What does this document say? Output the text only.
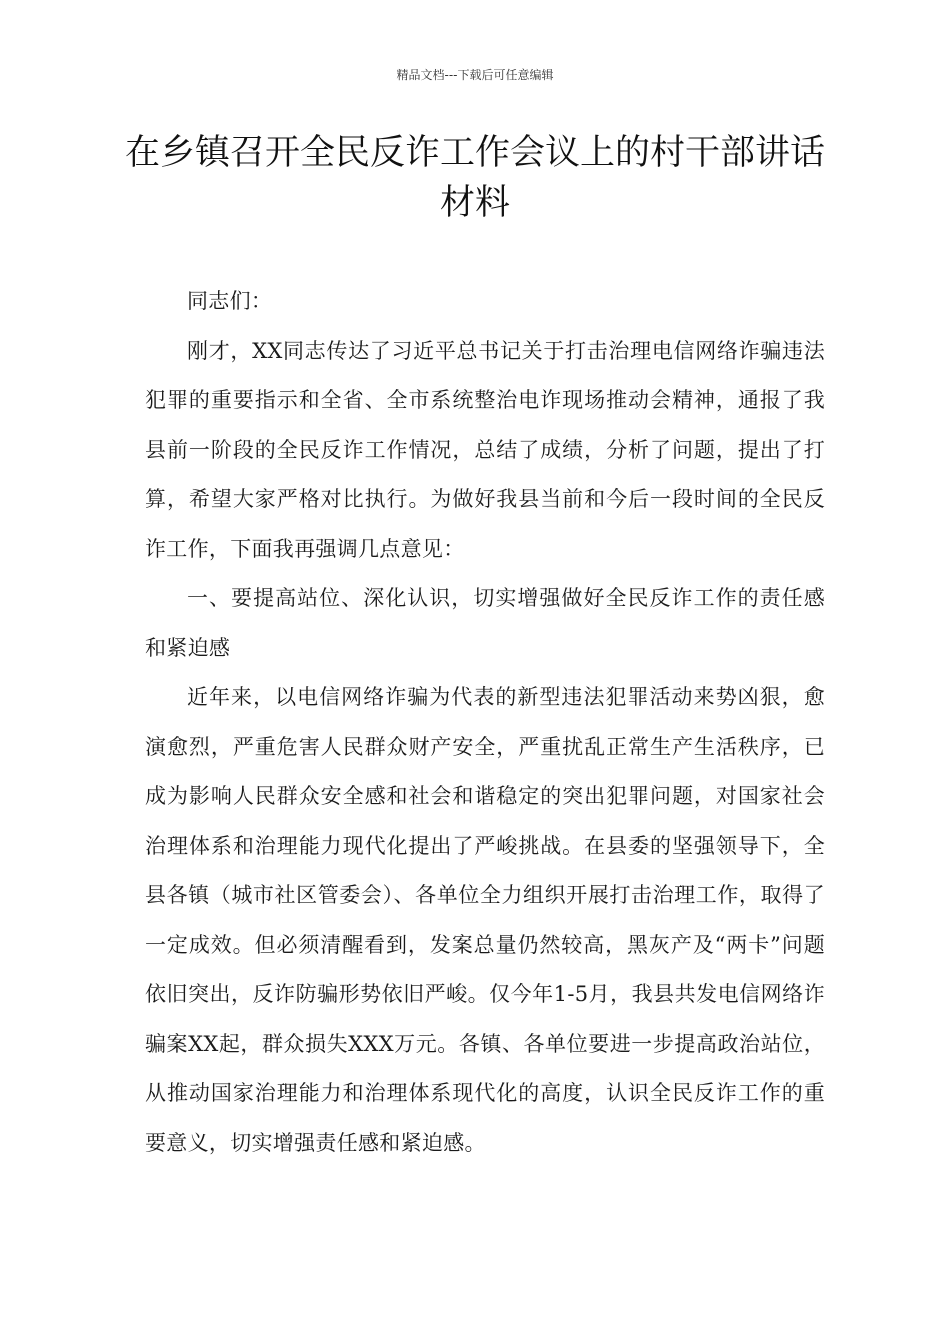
精品文档---下载后可任意编辑
在乡镇召开全民反诈工作会议上的村干部讲话材料

同志们：

刚才，XX同志传达了习近平总书记关于打击治理电信网络诈骗违法犯罪的重要指示和全省、全市系统整治电诈现场推动会精神，通报了我县前一阶段的全民反诈工作情况，总结了成绩，分析了问题，提出了打算，希望大家严格对比执行。为做好我县当前和今后一段时间的全民反诈工作，下面我再强调几点意见：

一、要提高站位、深化认识，切实增强做好全民反诈工作的责任感和紧迫感

近年来，以电信网络诈骗为代表的新型违法犯罪活动来势凶狠，愈演愈烈，严重危害人民群众财产安全，严重扰乱正常生产生活秩序，已成为影响人民群众安全感和社会和谐稳定的突出犯罪问题，对国家社会治理体系和治理能力现代化提出了严峻挑战。在县委的坚强领导下，全县各镇（城市社区管委会）、各单位全力组织开展打击治理工作，取得了一定成效。但必须清醒看到，发案总量仍然较高，黑灰产及“两卡”问题依旧突出，反诈防骗形势依旧严峻。仅今年1-5月，我县共发电信网络诈骗案XX起，群众损失XXX万元。各镇、各单位要进一步提高政治站位，从推动国家治理能力和治理体系现代化的高度，认识全民反诈工作的重要意义，切实增强责任感和紧迫感。
